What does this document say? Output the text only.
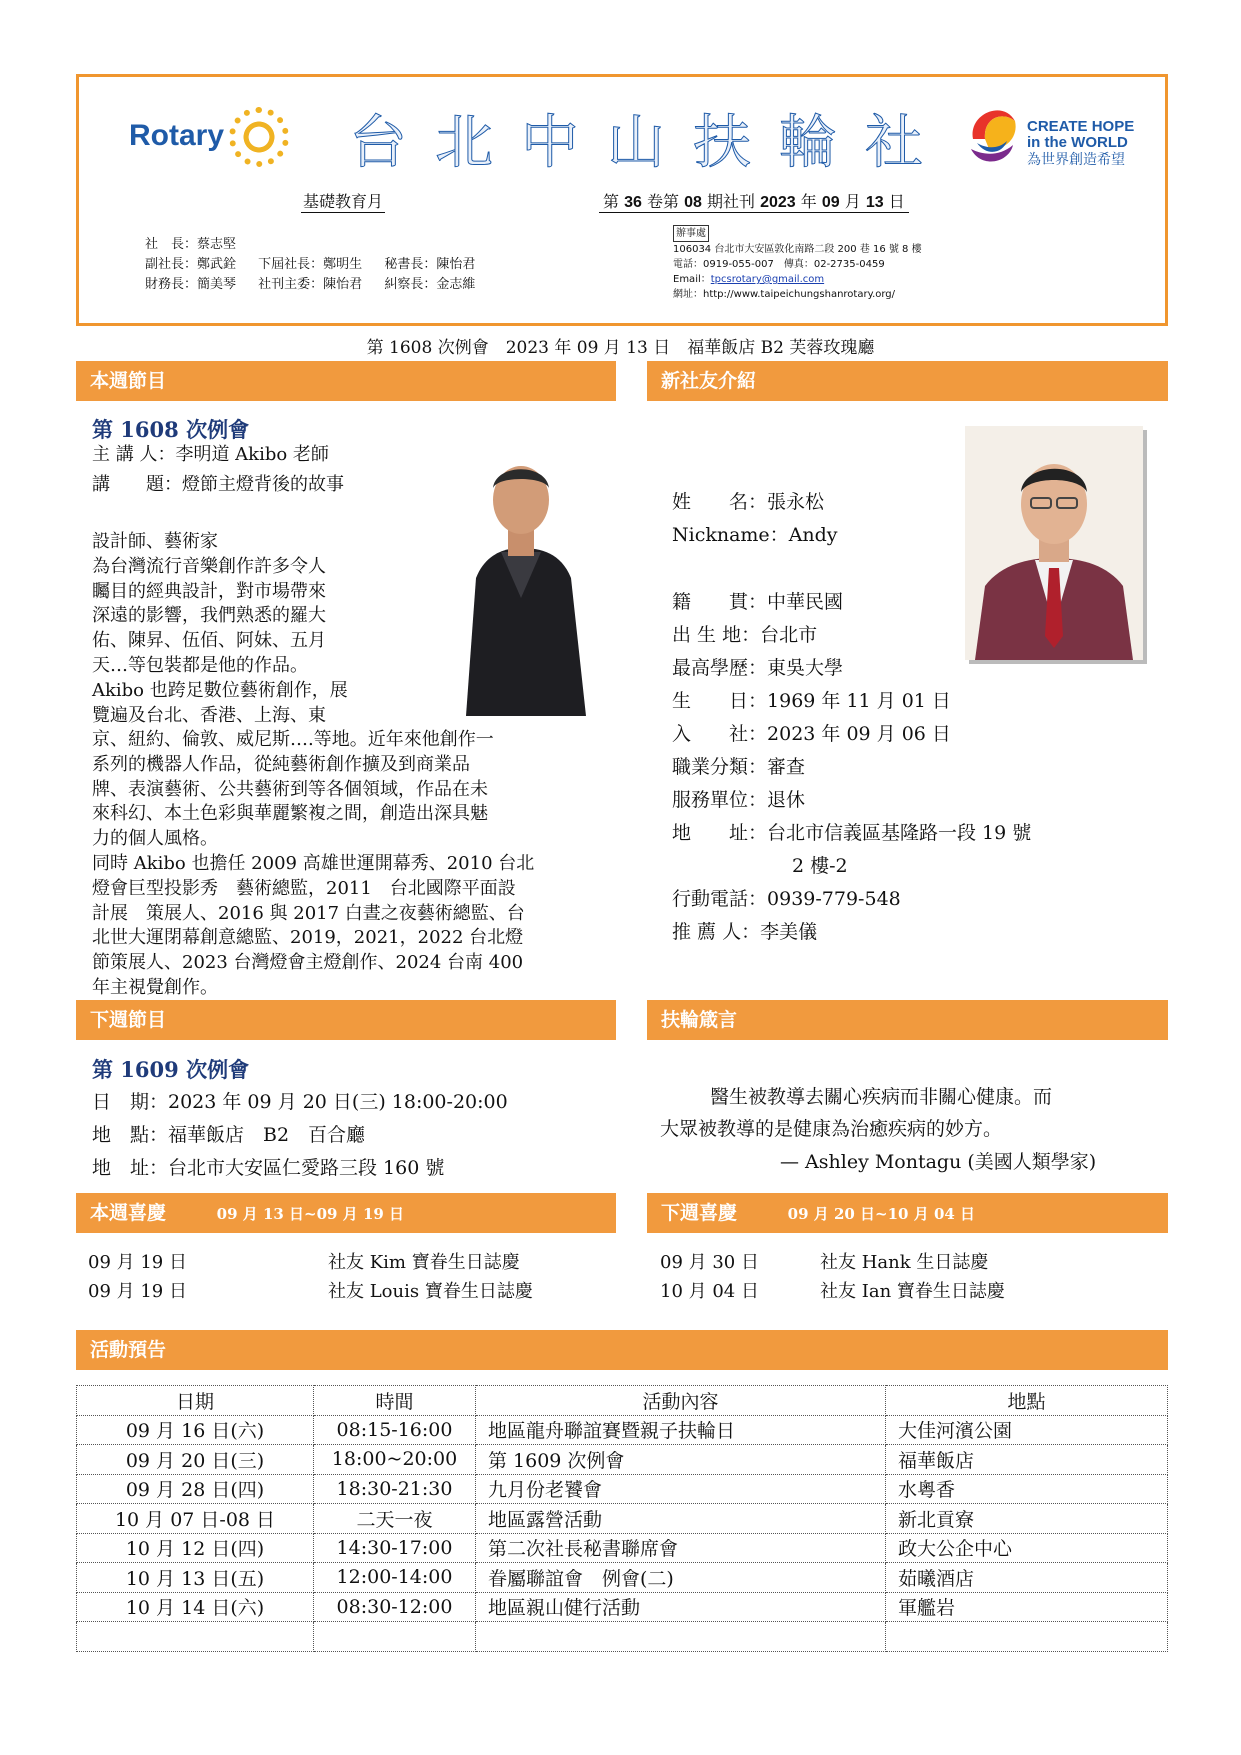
Rotary 台北中山扶輪社	CREATE HOPE
in the WORLD
為世界創造希望
基礎教育月	第 36 卷第 08 期社刊 2023 年 09 月 13 日
社　長：蔡志堅
副社長：鄭武銓 下屆社長：鄭明生 秘書長：陳怡君
財務長：簡美琴 社刊主委：陳怡君 糾察長：金志維
辦事處
106034 台北市大安區敦化南路二段 200 巷 16 號 8 樓
電話：0919-055-007　傳真：02-2735-0459
Email：tpcsrotary@gmail.com
網址：http://www.taipeichungshanrotary.org/
第 1608 次例會　2023 年 09 月 13 日　福華飯店 B2 芙蓉玫瑰廳
本週節目
第 1608 次例會
主 講 人：李明道 Akibo 老師
講　　題：燈節主燈背後的故事
設計師、藝術家
為台灣流行音樂創作許多令人
矚目的經典設計，對市場帶來
深遠的影響，我們熟悉的羅大
佑、陳昇、伍佰、阿妹、五月
天…等包裝都是他的作品。
Akibo 也跨足數位藝術創作，展
覽遍及台北、香港、上海、東
京、紐約、倫敦、威尼斯….等地。近年來他創作一
系列的機器人作品，從純藝術創作擴及到商業品
牌、表演藝術、公共藝術到等各個領域，作品在未
來科幻、本土色彩與華麗繁複之間，創造出深具魅
力的個人風格。
同時 Akibo 也擔任 2009 高雄世運開幕秀、2010 台北
燈會巨型投影秀　藝術總監，2011　台北國際平面設
計展　策展人、2016 與 2017 白晝之夜藝術總監、台
北世大運閉幕創意總監、2019，2021，2022 台北燈
節策展人、2023 台灣燈會主燈創作、2024 台南 400
年主視覺創作。
新社友介紹
姓　　名：張永松
Nickname：Andy
籍　　貫：中華民國
出 生 地：台北市
最高學歷：東吳大學
生　　日：1969 年 11 月 01 日
入　　社：2023 年 09 月 06 日
職業分類：審查
服務單位：退休
地　　址：台北市信義區基隆路一段 19 號
2 樓-2
行動電話：0939-779-548
推 薦 人：李美儀
下週節目
第 1609 次例會
日　期：2023 年 09 月 20 日(三) 18:00-20:00
地　點：福華飯店　B2　百合廳
地　址：台北市大安區仁愛路三段 160 號
扶輪箴言
醫生被教導去關心疾病而非關心健康。而
大眾被教導的是健康為治癒疾病的妙方。
— Ashley Montagu (美國人類學家)
本週喜慶	09 月 13 日~09 月 19 日
09 月 19 日	社友 Kim 寶眷生日誌慶
09 月 19 日	社友 Louis 寶眷生日誌慶
下週喜慶	09 月 20 日~10 月 04 日
09 月 30 日	社友 Hank 生日誌慶
10 月 04 日	社友 Ian 寶眷生日誌慶
活動預告
日期	時間	活動內容	地點
09 月 16 日(六)	08:15-16:00	地區龍舟聯誼賽暨親子扶輪日	大佳河濱公園
09 月 20 日(三)	18:00~20:00	第 1609 次例會	福華飯店
09 月 28 日(四)	18:30-21:30	九月份老饕會	水粵香
10 月 07 日-08 日	二天一夜	地區露營活動	新北貢寮
10 月 12 日(四)	14:30-17:00	第二次社長秘書聯席會	政大公企中心
10 月 13 日(五)	12:00-14:00	眷屬聯誼會　例會(二)	茹曦酒店
10 月 14 日(六)	08:30-12:00	地區親山健行活動	軍艦岩
